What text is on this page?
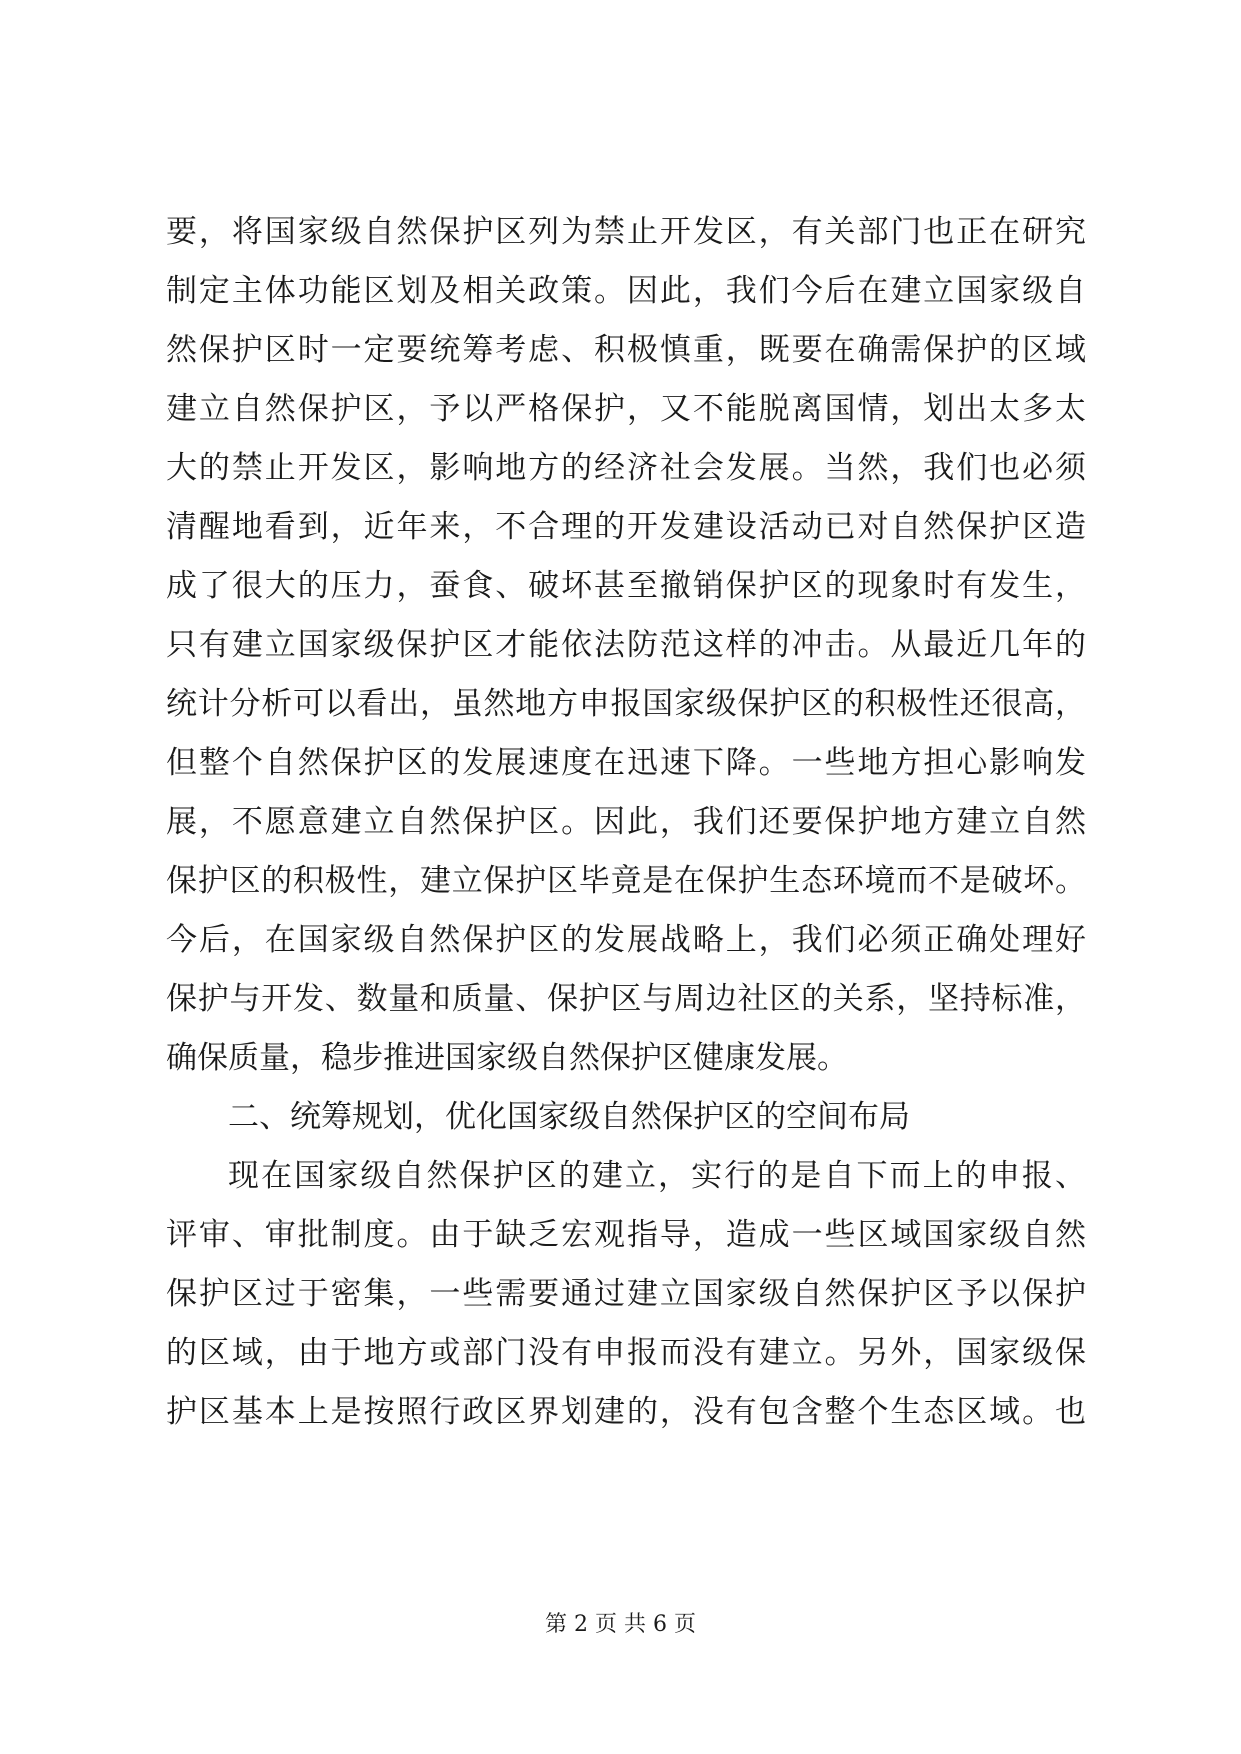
要，将国家级自然保护区列为禁止开发区，有关部门也正在研究
制定主体功能区划及相关政策。因此，我们今后在建立国家级自
然保护区时一定要统筹考虑、积极慎重，既要在确需保护的区域
建立自然保护区，予以严格保护，又不能脱离国情，划出太多太
大的禁止开发区，影响地方的经济社会发展。当然，我们也必须
清醒地看到，近年来，不合理的开发建设活动已对自然保护区造
成了很大的压力，蚕食、破坏甚至撤销保护区的现象时有发生，
只有建立国家级保护区才能依法防范这样的冲击。从最近几年的
统计分析可以看出，虽然地方申报国家级保护区的积极性还很高，
但整个自然保护区的发展速度在迅速下降。一些地方担心影响发
展，不愿意建立自然保护区。因此，我们还要保护地方建立自然
保护区的积极性，建立保护区毕竟是在保护生态环境而不是破坏。
今后，在国家级自然保护区的发展战略上，我们必须正确处理好
保护与开发、数量和质量、保护区与周边社区的关系，坚持标准，
确保质量，稳步推进国家级自然保护区健康发展。
二、统筹规划，优化国家级自然保护区的空间布局
现在国家级自然保护区的建立，实行的是自下而上的申报、
评审、审批制度。由于缺乏宏观指导，造成一些区域国家级自然
保护区过于密集，一些需要通过建立国家级自然保护区予以保护
的区域，由于地方或部门没有申报而没有建立。另外，国家级保
护区基本上是按照行政区界划建的，没有包含整个生态区域。也
第 2 页 共 6 页
